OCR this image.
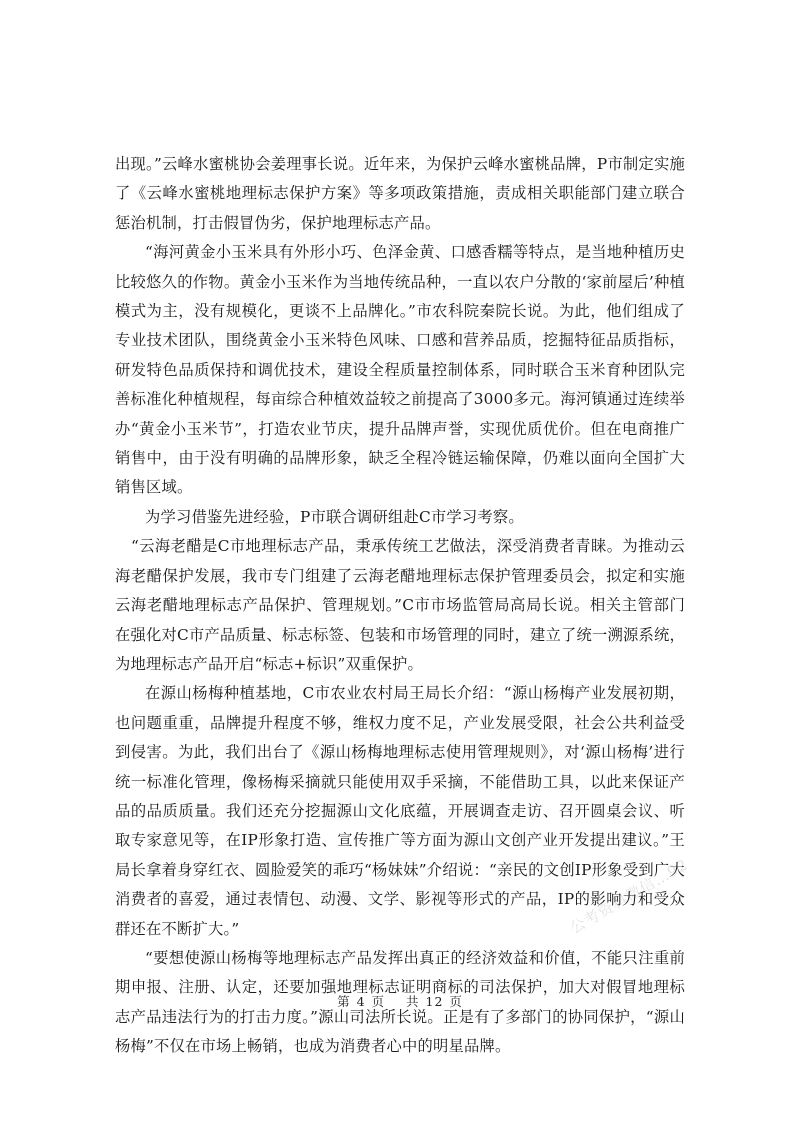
出现。”云峰水蜜桃协会姜理事长说。近年来，为保护云峰水蜜桃品牌，P市制定实施了《云峰水蜜桃地理标志保护方案》等多项政策措施，责成相关职能部门建立联合惩治机制，打击假冒伪劣，保护地理标志产品。

“海河黄金小玉米具有外形小巧、色泽金黄、口感香糯等特点，是当地种植历史比较悠久的作物。黄金小玉米作为当地传统品种，一直以农户分散的‘家前屋后’种植模式为主，没有规模化，更谈不上品牌化。”市农科院秦院长说。为此，他们组成了专业技术团队，围绕黄金小玉米特色风味、口感和营养品质，挖掘特征品质指标，研发特色品质保持和调优技术，建设全程质量控制体系，同时联合玉米育种团队完善标准化种植规程，每亩综合种植效益较之前提高了3000多元。海河镇通过连续举办“黄金小玉米节”，打造农业节庆，提升品牌声誉，实现优质优价。但在电商推广销售中，由于没有明确的品牌形象，缺乏全程冷链运输保障，仍难以面向全国扩大销售区域。

为学习借鉴先进经验，P市联合调研组赴C市学习考察。

“云海老醋是C市地理标志产品，秉承传统工艺做法，深受消费者青睐。为推动云海老醋保护发展，我市专门组建了云海老醋地理标志保护管理委员会，拟定和实施云海老醋地理标志产品保护、管理规划。”C市市场监管局高局长说。相关主管部门在强化对C市产品质量、标志标签、包装和市场管理的同时，建立了统一溯源系统，为地理标志产品开启“标志+标识”双重保护。

在源山杨梅种植基地，C市农业农村局王局长介绍：“源山杨梅产业发展初期，也问题重重，品牌提升程度不够，维权力度不足，产业发展受限，社会公共利益受到侵害。为此，我们出台了《源山杨梅地理标志使用管理规则》，对‘源山杨梅’进行统一标准化管理，像杨梅采摘就只能使用双手采摘，不能借助工具，以此来保证产品的品质质量。我们还充分挖掘源山文化底蕴，开展调查走访、召开圆桌会议、听取专家意见等，在IP形象打造、宣传推广等方面为源山文创产业开发提出建议。”王局长拿着身穿红衣、圆脸爱笑的乖巧“杨妹妹”介绍说：“亲民的文创IP形象受到广大消费者的喜爱，通过表情包、动漫、文学、影视等形式的产品，IP的影响力和受众群还在不断扩大。”

“要想使源山杨梅等地理标志产品发挥出真正的经济效益和价值，不能只注重前期申报、注册、认定，还要加强地理标志证明商标的司法保护，加大对假冒地理标志产品违法行为的打击力度。”源山司法所长说。正是有了多部门的协同保护，“源山杨梅”不仅在市场上畅销，也成为消费者心中的明星品牌。

公考资料微信…92
第 4 页 共 12 页
